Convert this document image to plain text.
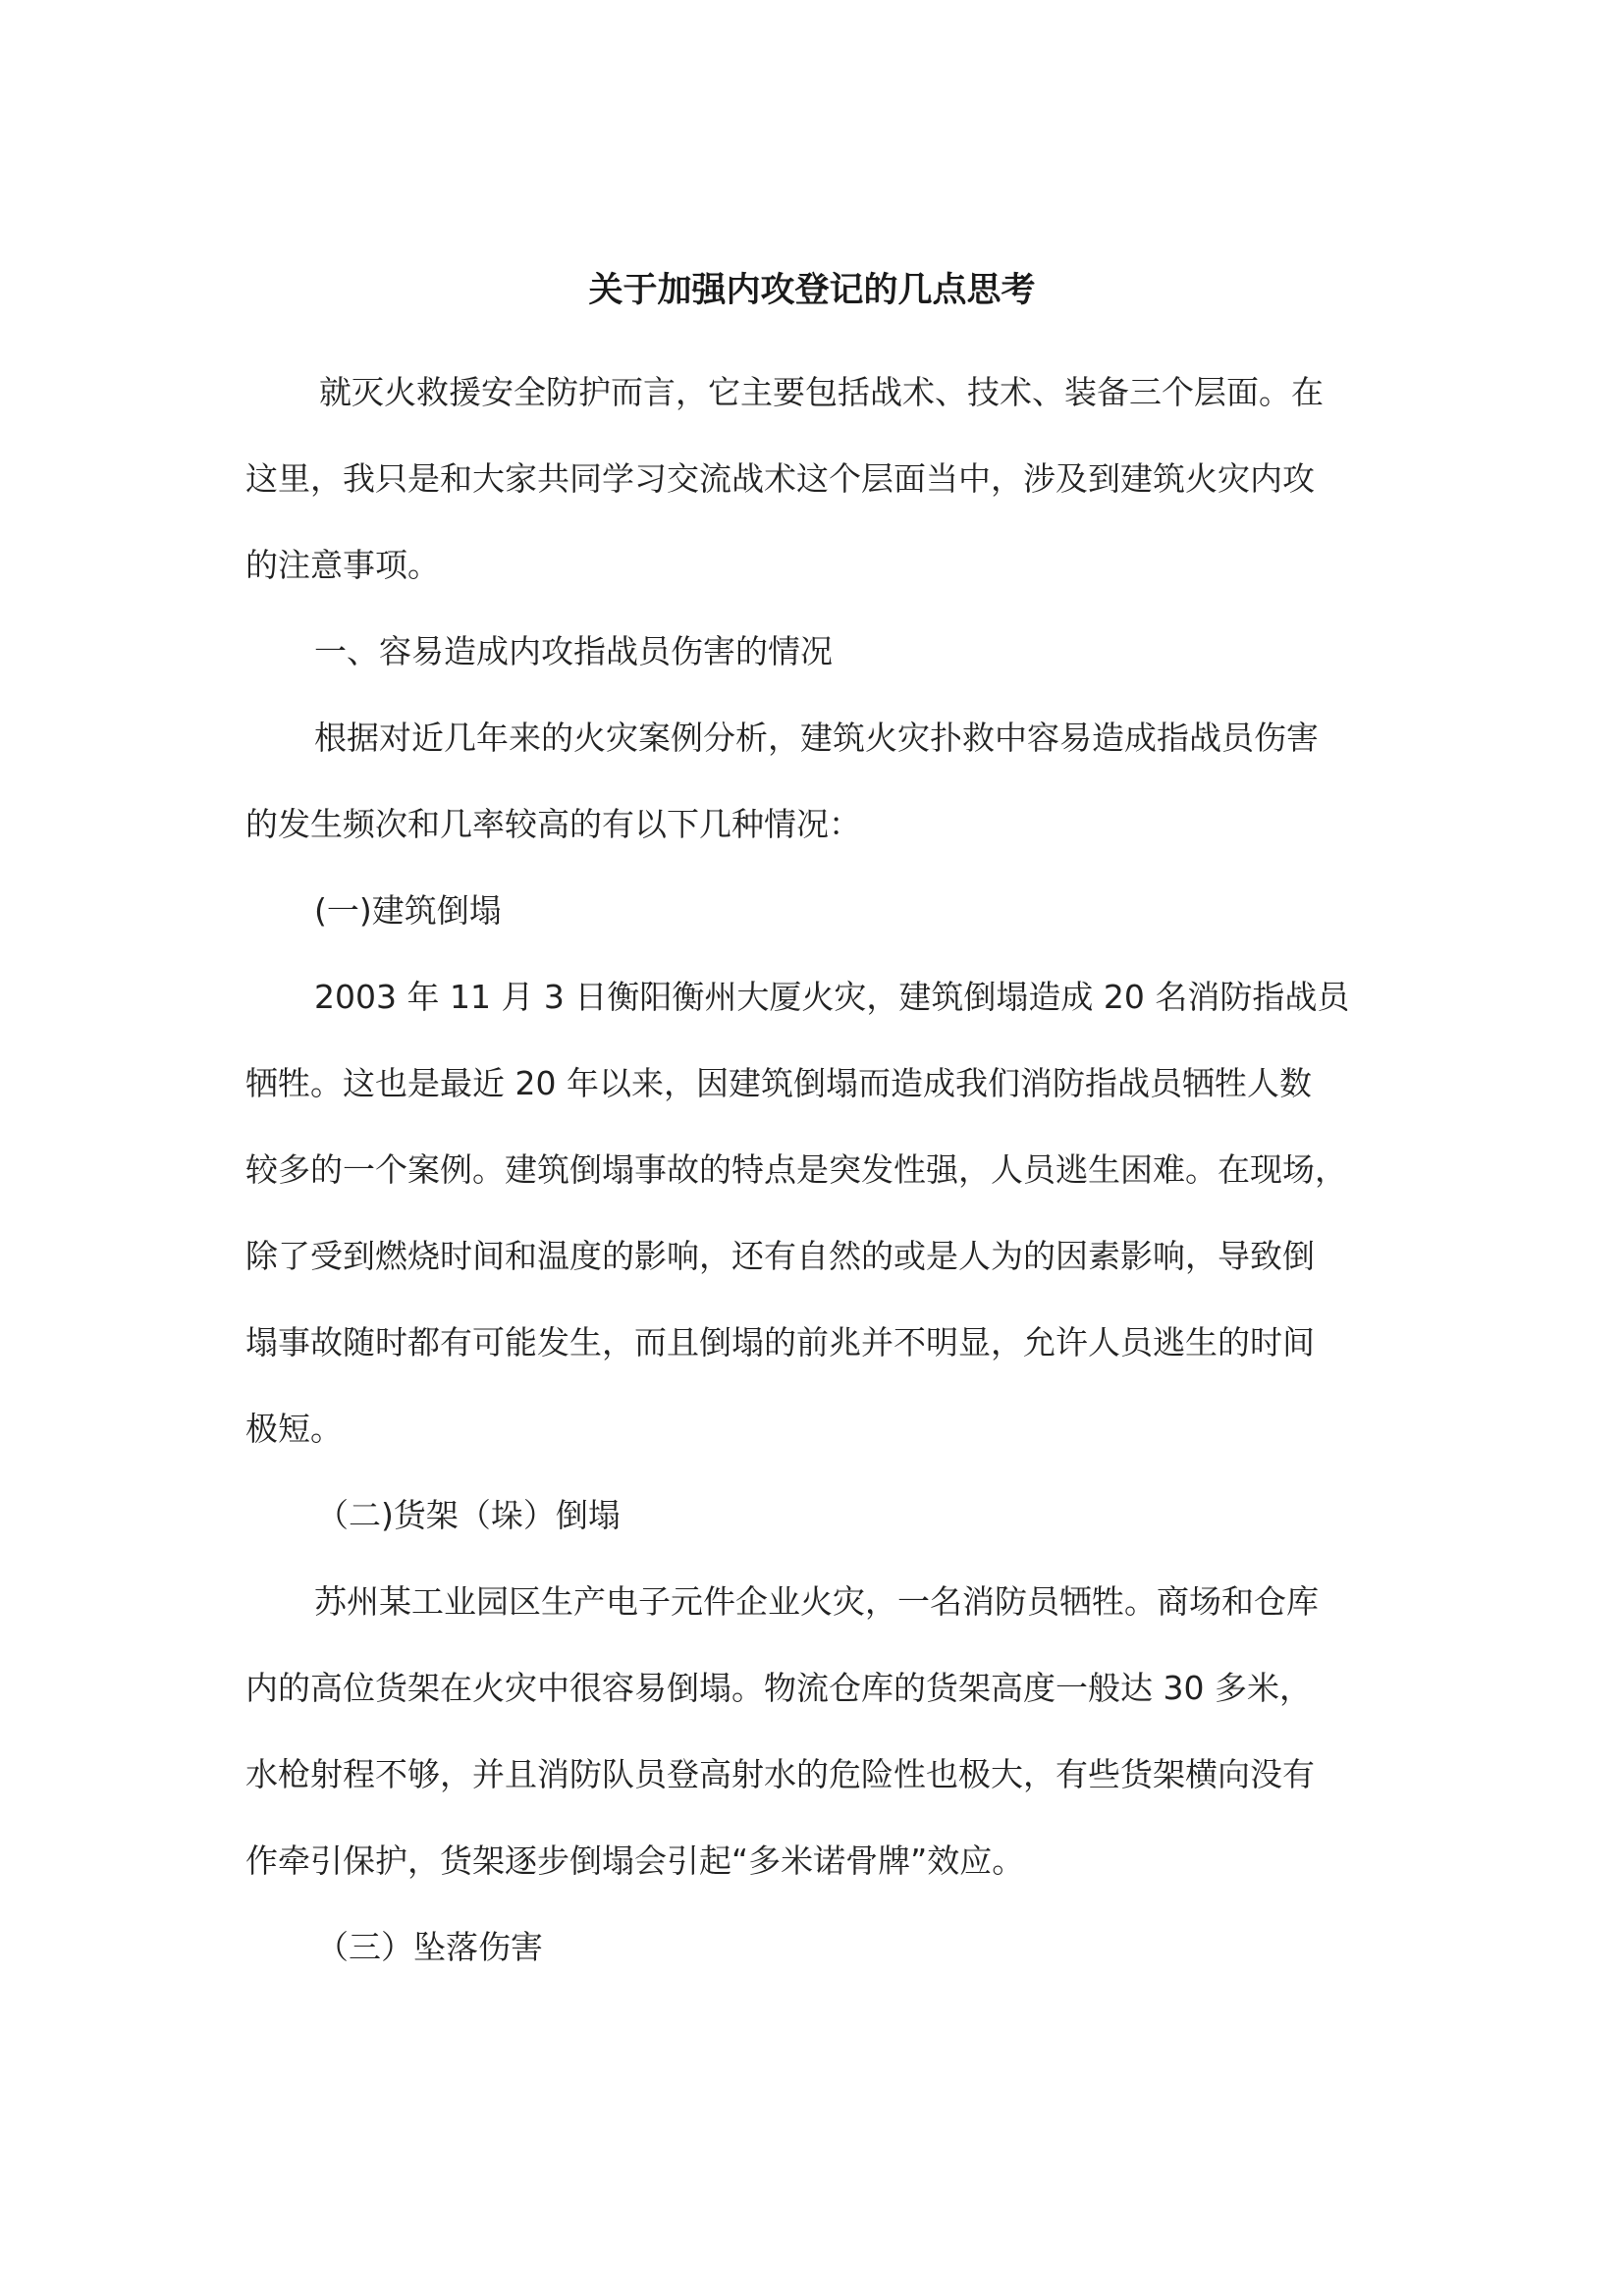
关于加强内攻登记的几点思考
就灭火救援安全防护而言，它主要包括战术、技术、装备三个层面。在
这里，我只是和大家共同学习交流战术这个层面当中，涉及到建筑火灾内攻
的注意事项。
一、容易造成内攻指战员伤害的情况
根据对近几年来的火灾案例分析，建筑火灾扑救中容易造成指战员伤害
的发生频次和几率较高的有以下几种情况：
(一)建筑倒塌
2003 年 11 月 3 日衡阳衡州大厦火灾，建筑倒塌造成 20 名消防指战员
牺牲。这也是最近 20 年以来，因建筑倒塌而造成我们消防指战员牺牲人数
较多的一个案例。建筑倒塌事故的特点是突发性强，人员逃生困难。在现场，
除了受到燃烧时间和温度的影响，还有自然的或是人为的因素影响，导致倒
塌事故随时都有可能发生，而且倒塌的前兆并不明显，允许人员逃生的时间
极短。
（二)货架（垛）倒塌
苏州某工业园区生产电子元件企业火灾，一名消防员牺牲。商场和仓库
内的高位货架在火灾中很容易倒塌。物流仓库的货架高度一般达 30 多米，
水枪射程不够，并且消防队员登高射水的危险性也极大，有些货架横向没有
作牵引保护，货架逐步倒塌会引起“多米诺骨牌”效应。
（三）坠落伤害
